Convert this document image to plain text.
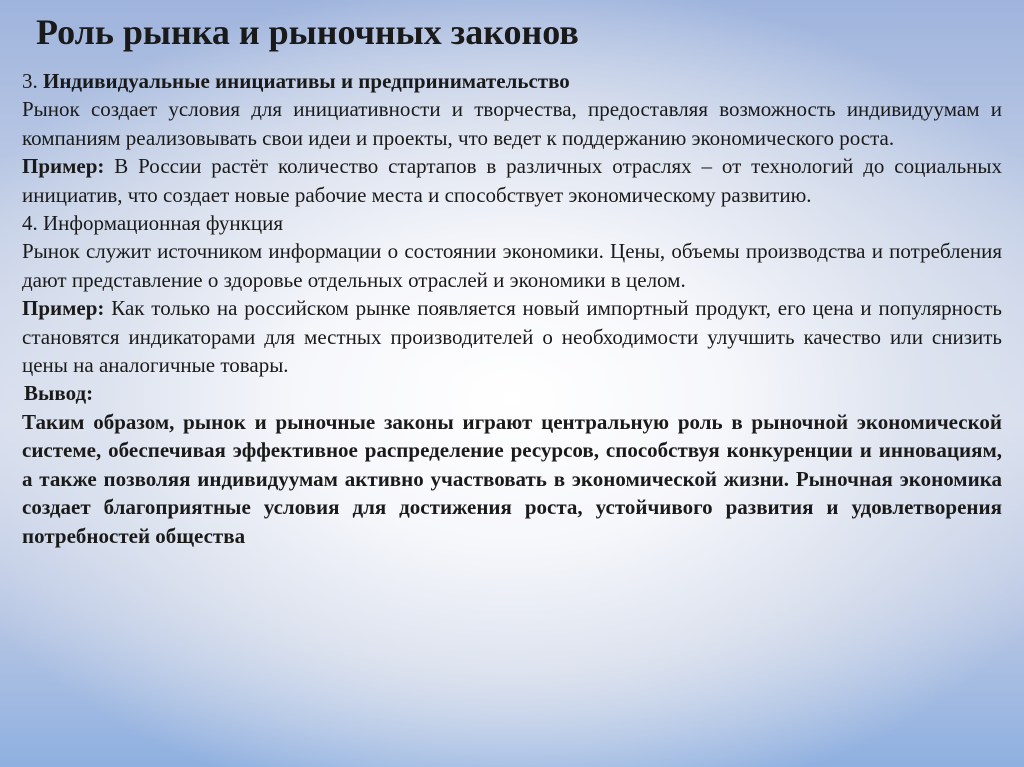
Роль рынка и рыночных законов

3. Индивидуальные инициативы и предпринимательство

Рынок создает условия для инициативности и творчества, предоставляя возможность индивидуумам и компаниям реализовывать свои идеи и проекты, что ведет к поддержанию экономического роста.

Пример: В России растёт количество стартапов в различных отраслях – от технологий до социальных инициатив, что создает новые рабочие места и способствует экономическому развитию.

4. Информационная функция

Рынок служит источником информации о состоянии экономики. Цены, объемы производства и потребления дают представление о здоровье отдельных отраслей и экономики в целом.

Пример: Как только на российском рынке появляется новый импортный продукт, его цена и популярность становятся индикаторами для местных производителей о необходимости улучшить качество или снизить цены на аналогичные товары.

Вывод:

Таким образом, рынок и рыночные законы играют центральную роль в рыночной экономической системе, обеспечивая эффективное распределение ресурсов, способствуя конкуренции и инновациям, а также позволяя индивидуумам активно участвовать в экономической жизни. Рыночная экономика создает благоприятные условия для достижения роста, устойчивого развития и удовлетворения потребностей общества
